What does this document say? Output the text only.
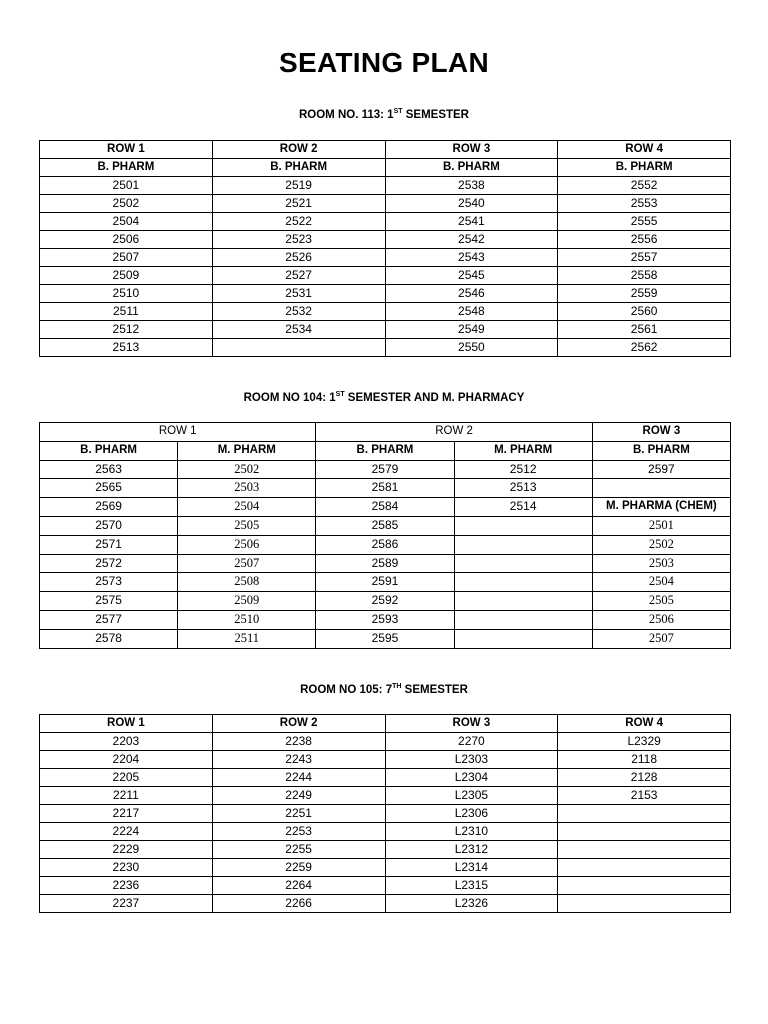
SEATING PLAN
ROOM NO. 113: 1ST SEMESTER
ROW 1	ROW 2	ROW 3	ROW 4
B. PHARM	B. PHARM	B. PHARM	B. PHARM
2501	2519	2538	2552
2502	2521	2540	2553
2504	2522	2541	2555
2506	2523	2542	2556
2507	2526	2543	2557
2509	2527	2545	2558
2510	2531	2546	2559
2511	2532	2548	2560
2512	2534	2549	2561
2513		2550	2562
ROOM NO 104: 1ST SEMESTER AND M. PHARMACY
ROW 1		ROW 2		ROW 3
B. PHARM	M. PHARM	B. PHARM	M. PHARM	B. PHARM
2563	2502	2579	2512	2597
2565	2503	2581	2513	
2569	2504	2584	2514	M. PHARMA (CHEM)
2570	2505	2585		2501
2571	2506	2586		2502
2572	2507	2589		2503
2573	2508	2591		2504
2575	2509	2592		2505
2577	2510	2593		2506
2578	2511	2595		2507
ROOM NO 105: 7TH SEMESTER
ROW 1	ROW 2	ROW 3	ROW 4
2203	2238	2270	L2329
2204	2243	L2303	2118
2205	2244	L2304	2128
2211	2249	L2305	2153
2217	2251	L2306	
2224	2253	L2310	
2229	2255	L2312	
2230	2259	L2314	
2236	2264	L2315	
2237	2266	L2326	
